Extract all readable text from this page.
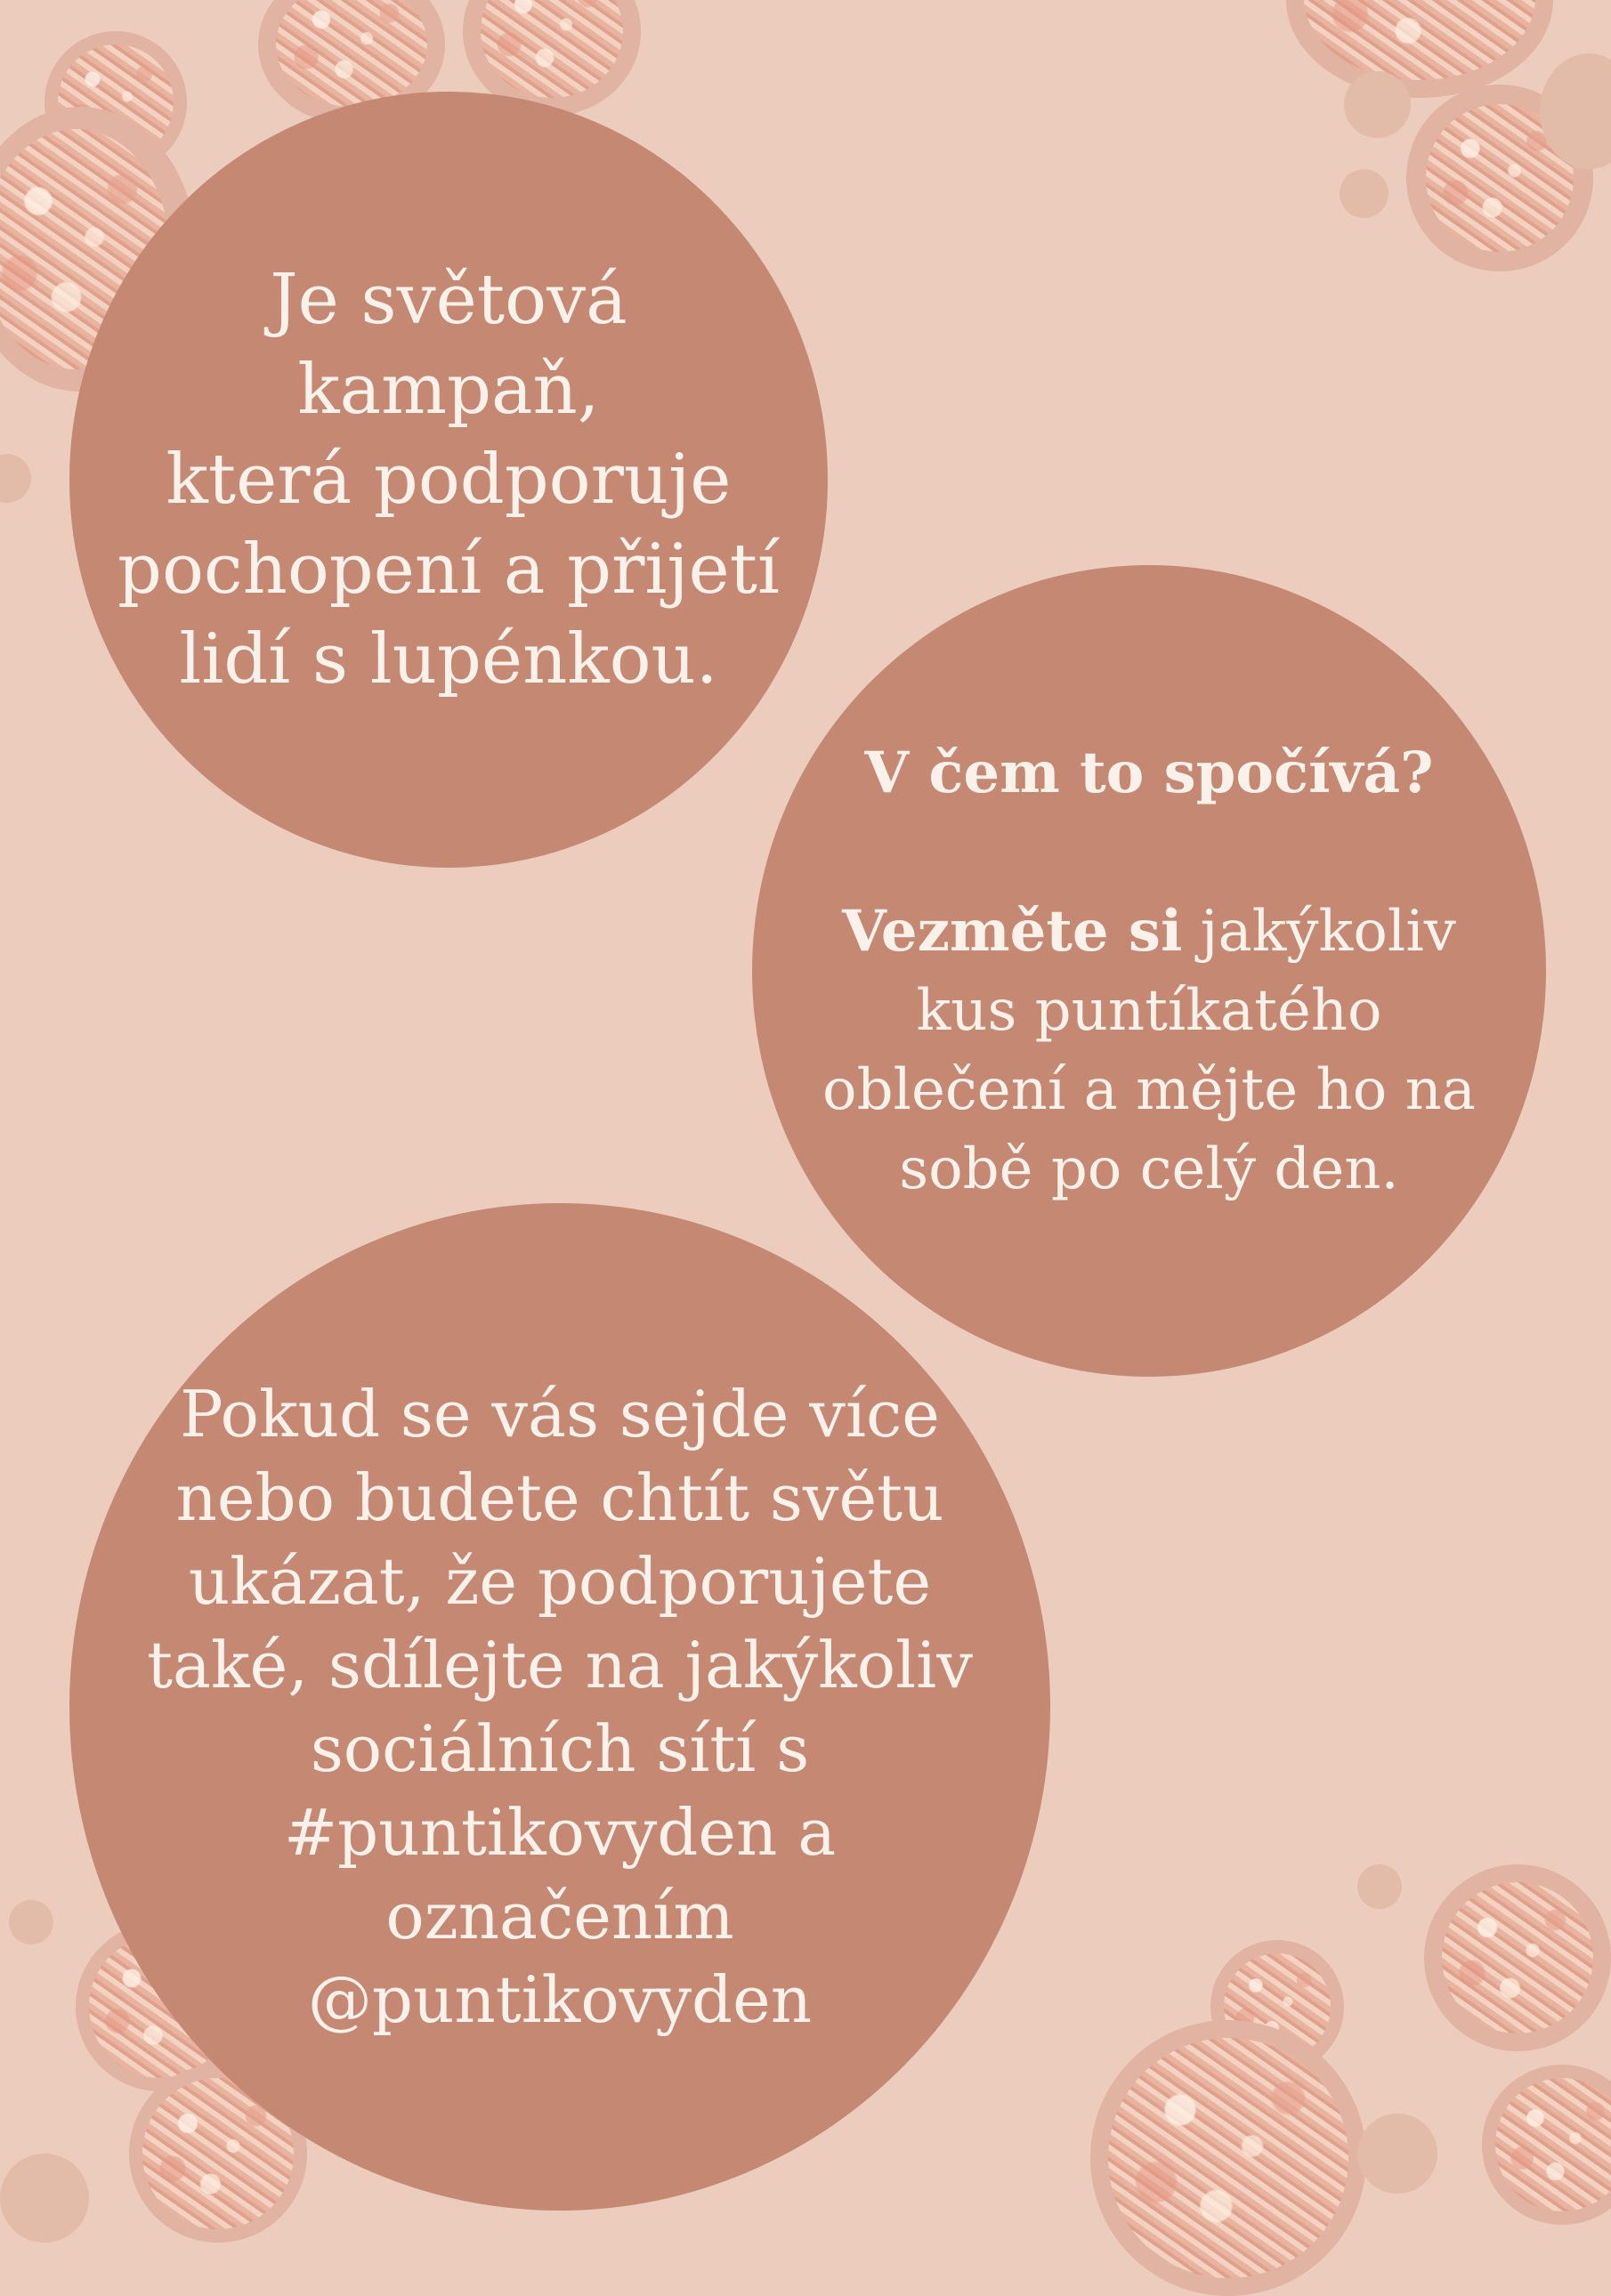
Je světová kampaň,

která podporuje

pochopení a přijetí

lidí s lupénkou.

V čem to spočívá?

Vezměte si jakýkoliv

kus puntíkatého

oblečení a mějte ho na

sobě po celý den.

Pokud se vás sejde více

nebo budete chtít světu

ukázat, že podporujete

také, sdílejte na jakýkoliv

sociálních sítí s

#puntikovyden a

označením

@puntikovyden
